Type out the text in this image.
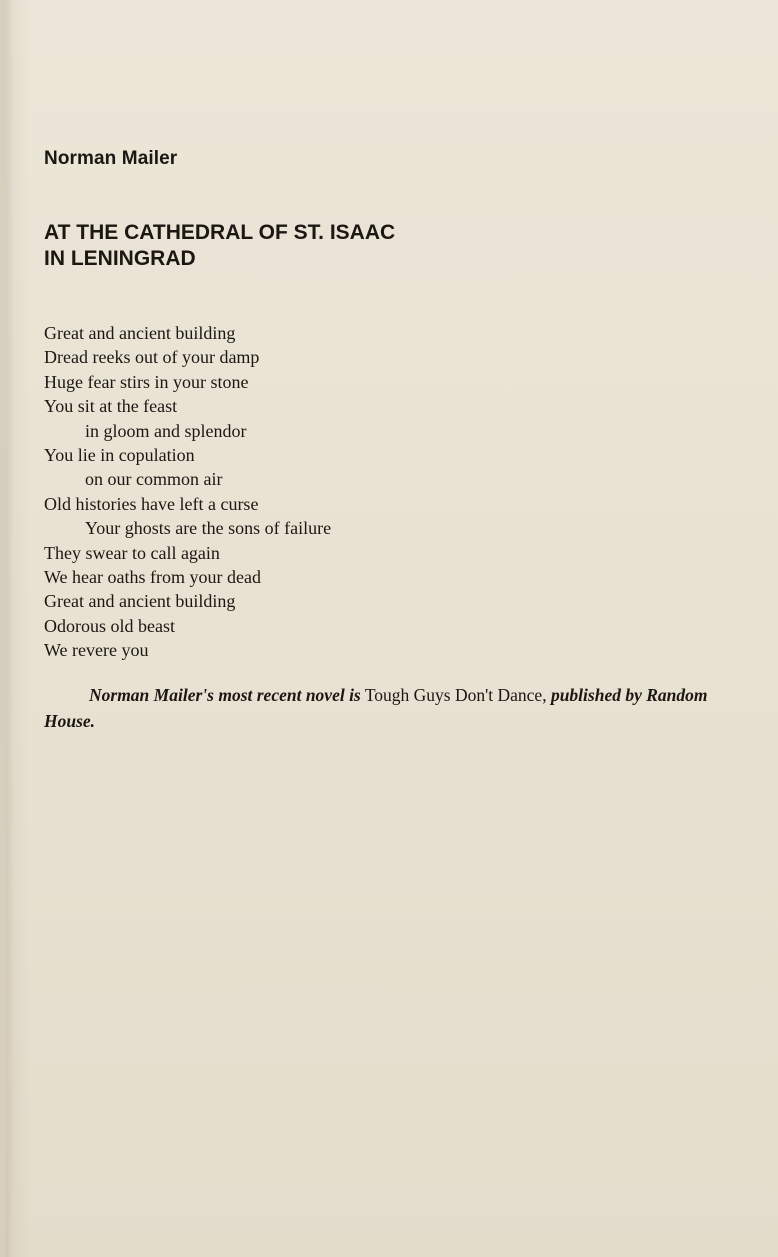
Norman Mailer
AT THE CATHEDRAL OF ST. ISAAC
IN LENINGRAD
Great and ancient building
Dread reeks out of your damp
Huge fear stirs in your stone
You sit at the feast
in gloom and splendor
You lie in copulation
on our common air
Old histories have left a curse
Your ghosts are the sons of failure
They swear to call again
We hear oaths from your dead
Great and ancient building
Odorous old beast
We revere you

Norman Mailer's most recent novel is Tough Guys Don't Dance, published by Random House.
